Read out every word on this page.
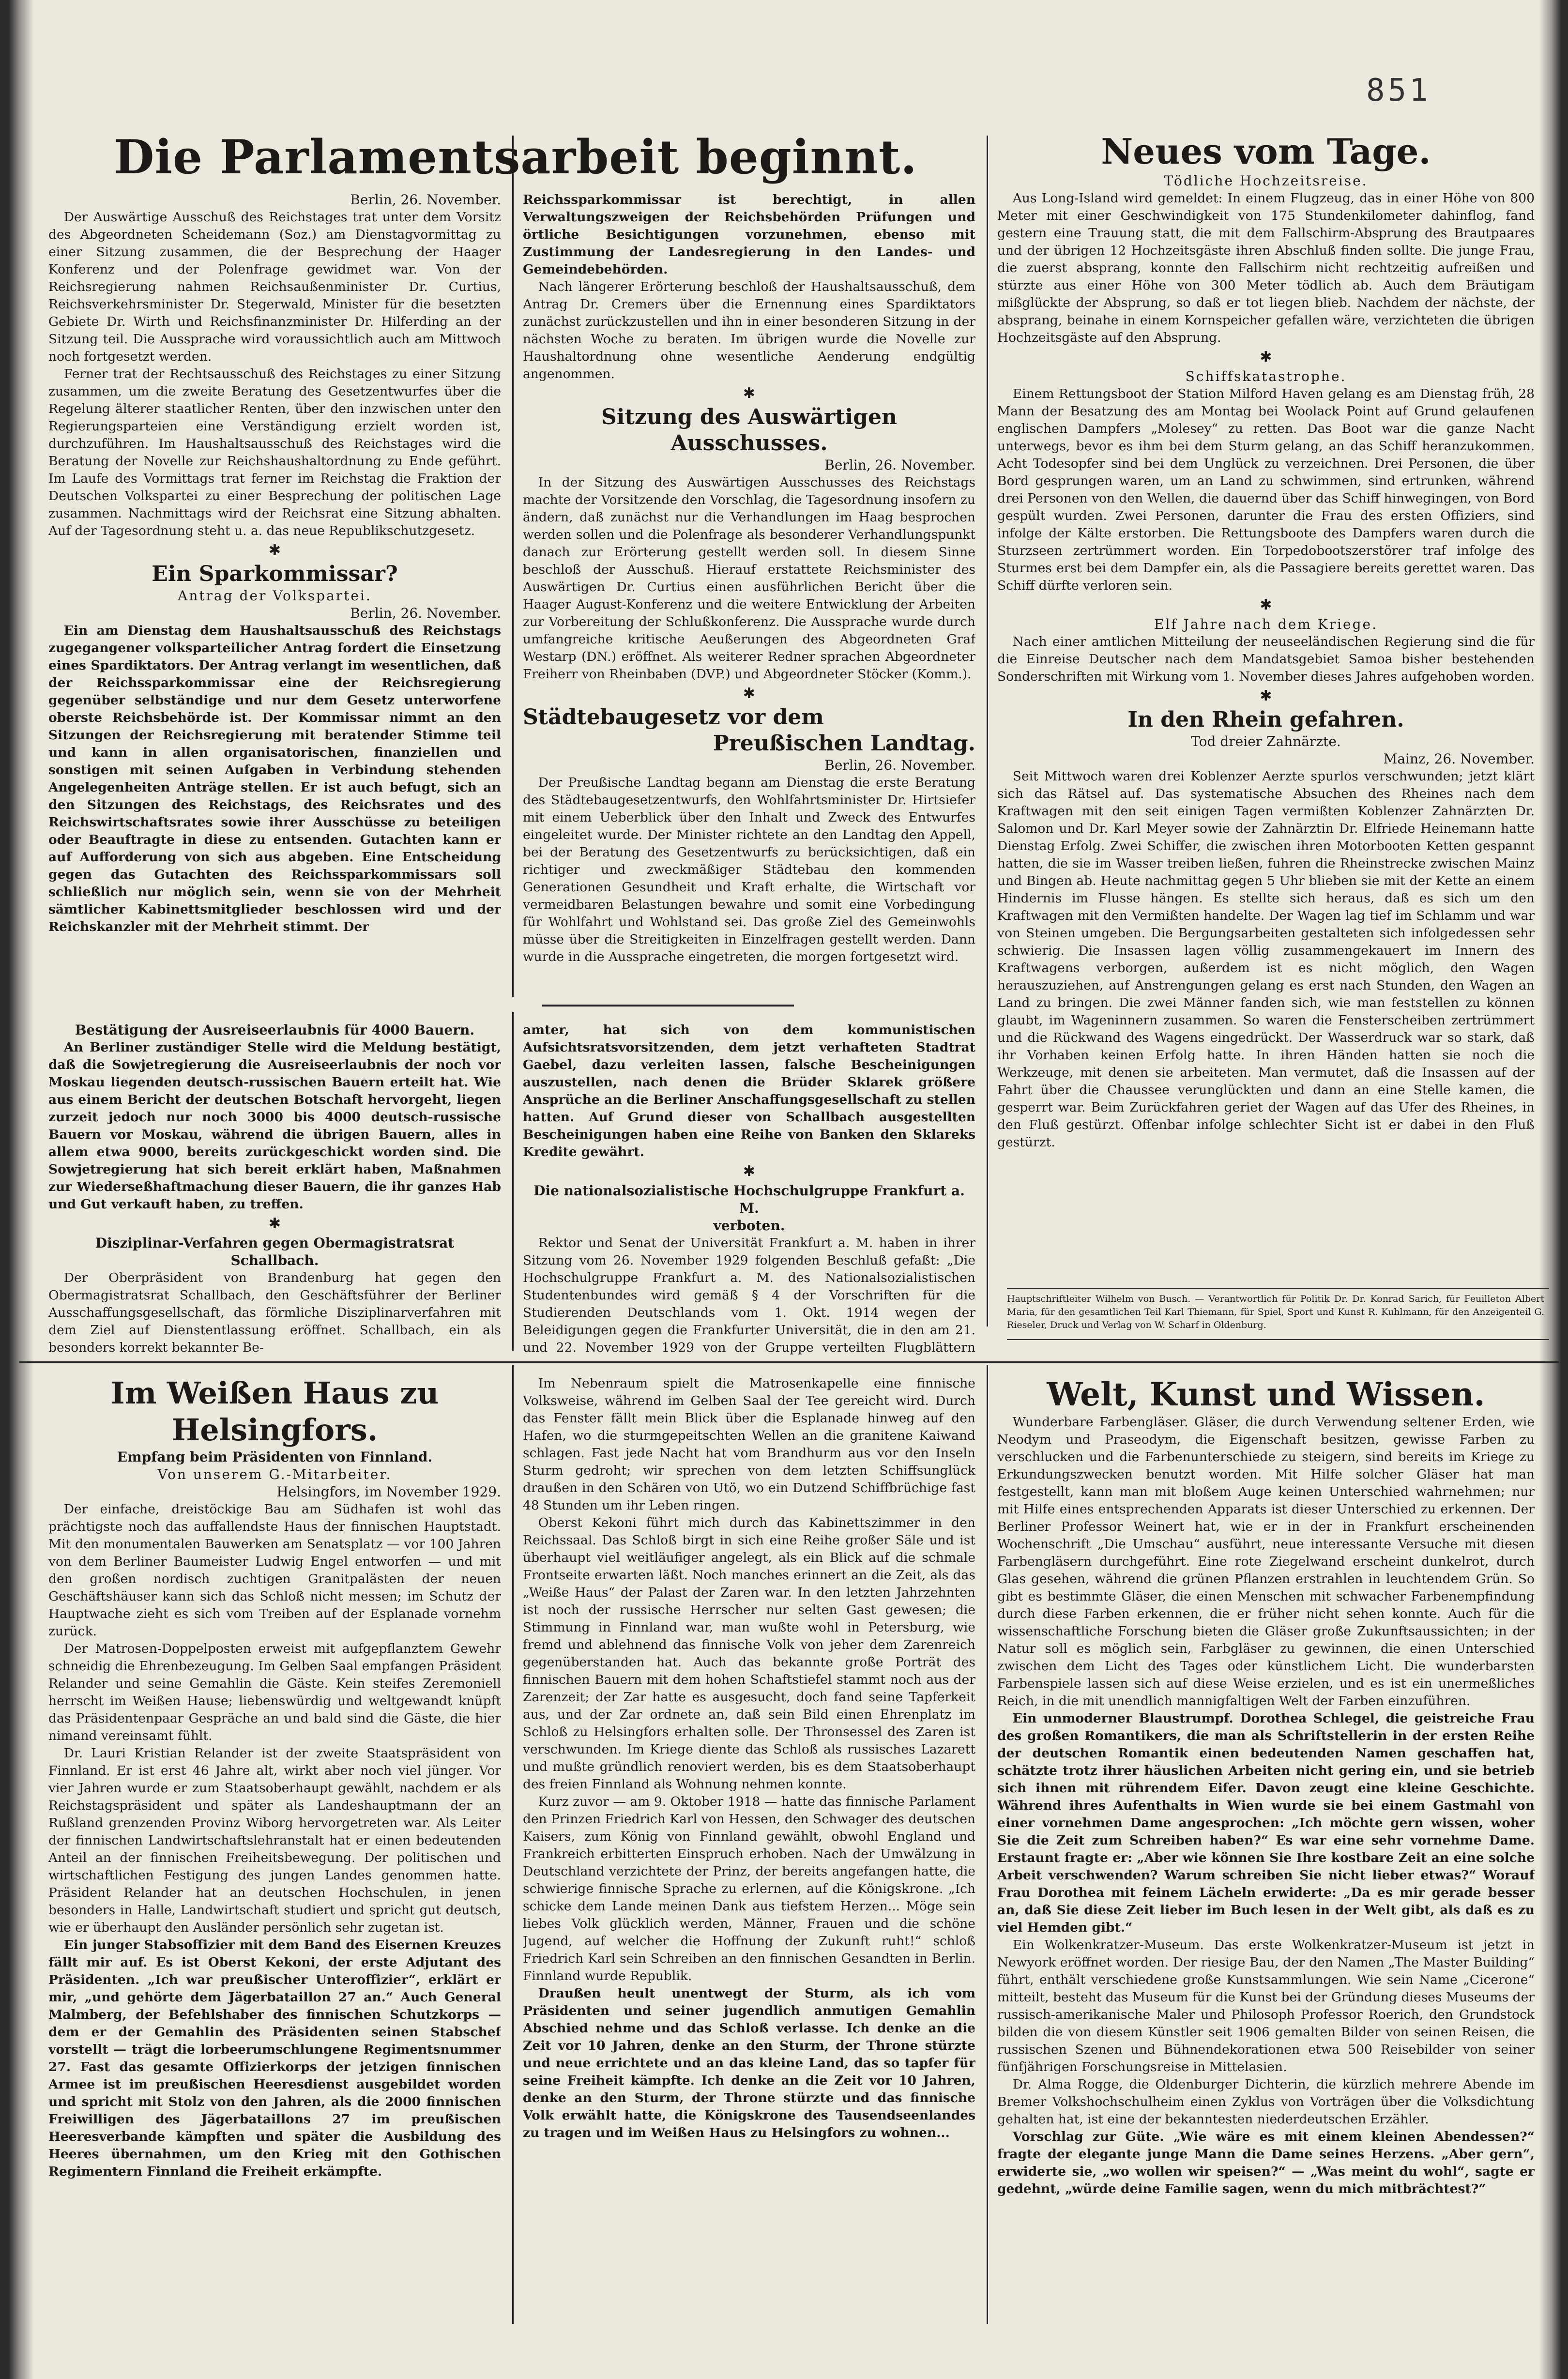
851
Die Parlamentsarbeit beginnt.

Berlin, 26. November.

Der Auswärtige Ausschuß des Reichstages trat unter dem Vorsitz des Abgeordneten Scheidemann (Soz.) am Dienstagvormittag zu einer Sitzung zusammen, die der Besprechung der Haager Konferenz und der Polenfrage gewidmet war. Von der Reichsregierung nahmen Reichsaußenminister Dr. Curtius, Reichsverkehrsminister Dr. Stegerwald, Minister für die besetzten Gebiete Dr. Wirth und Reichsfinanzminister Dr. Hilferding an der Sitzung teil. Die Aussprache wird voraussichtlich auch am Mittwoch noch fortgesetzt werden.

Ferner trat der Rechtsausschuß des Reichstages zu einer Sitzung zusammen, um die zweite Beratung des Gesetzentwurfes über die Regelung älterer staatlicher Renten, über den inzwischen unter den Regierungsparteien eine Verständigung erzielt worden ist, durchzuführen. Im Haushaltsausschuß des Reichstages wird die Beratung der Novelle zur Reichshaushaltordnung zu Ende geführt. Im Laufe des Vormittags trat ferner im Reichstag die Fraktion der Deutschen Volkspartei zu einer Besprechung der politischen Lage zusammen. Nachmittags wird der Reichsrat eine Sitzung abhalten. Auf der Tagesordnung steht u. a. das neue Republikschutzgesetz.

✱

Ein Sparkommissar?

Antrag der Volkspartei.

Berlin, 26. November.

Ein am Dienstag dem Haushaltsausschuß des Reichstags zugegangener volksparteilicher Antrag fordert die Einsetzung eines Spardiktators. Der Antrag verlangt im wesentlichen, daß der Reichssparkommissar eine der Reichsregierung gegenüber selbständige und nur dem Gesetz unterworfene oberste Reichsbehörde ist. Der Kommissar nimmt an den Sitzungen der Reichsregierung mit beratender Stimme teil und kann in allen organisatorischen, finanziellen und sonstigen mit seinen Aufgaben in Verbindung stehenden Angelegenheiten Anträge stellen. Er ist auch befugt, sich an den Sitzungen des Reichstags, des Reichsrates und des Reichswirtschaftsrates sowie ihrer Ausschüsse zu beteiligen oder Beauftragte in diese zu entsenden. Gutachten kann er auf Aufforderung von sich aus abgeben. Eine Entscheidung gegen das Gutachten des Reichssparkommissars soll schließlich nur möglich sein, wenn sie von der Mehrheit sämtlicher Kabinettsmitglieder beschlossen wird und der Reichskanzler mit der Mehrheit stimmt. Der

Reichssparkommissar ist berechtigt, in allen Verwaltungszweigen der Reichsbehörden Prüfungen und örtliche Besichtigungen vorzunehmen, ebenso mit Zustimmung der Landesregierung in den Landes- und Gemeindebehörden.

Nach längerer Erörterung beschloß der Haushaltsausschuß, dem Antrag Dr. Cremers über die Ernennung eines Spardiktators zunächst zurückzustellen und ihn in einer besonderen Sitzung in der nächsten Woche zu beraten. Im übrigen wurde die Novelle zur Haushaltordnung ohne wesentliche Aenderung endgültig angenommen.

✱

Sitzung des Auswärtigen Ausschusses.

Berlin, 26. November.

In der Sitzung des Auswärtigen Ausschusses des Reichstags machte der Vorsitzende den Vorschlag, die Tagesordnung insofern zu ändern, daß zunächst nur die Verhandlungen im Haag besprochen werden sollen und die Polenfrage als besonderer Verhandlungspunkt danach zur Erörterung gestellt werden soll. In diesem Sinne beschloß der Ausschuß. Hierauf erstattete Reichsminister des Auswärtigen Dr. Curtius einen ausführlichen Bericht über die Haager August-Konferenz und die weitere Entwicklung der Arbeiten zur Vorbereitung der Schlußkonferenz. Die Aussprache wurde durch umfangreiche kritische Aeußerungen des Abgeordneten Graf Westarp (DN.) eröffnet. Als weiterer Redner sprachen Abgeordneter Freiherr von Rheinbaben (DVP.) und Abgeordneter Stöcker (Komm.).

✱

Städtebaugesetz vor dem
Preußischen Landtag.

Berlin, 26. November.

Der Preußische Landtag begann am Dienstag die erste Beratung des Städtebaugesetzentwurfs, den Wohlfahrtsminister Dr. Hirtsiefer mit einem Ueberblick über den Inhalt und Zweck des Entwurfes eingeleitet wurde. Der Minister richtete an den Landtag den Appell, bei der Beratung des Gesetzentwurfs zu berücksichtigen, daß ein richtiger und zweckmäßiger Städtebau den kommenden Generationen Gesundheit und Kraft erhalte, die Wirtschaft vor vermeidbaren Belastungen bewahre und somit eine Vorbedingung für Wohlfahrt und Wohlstand sei. Das große Ziel des Gemeinwohls müsse über die Streitigkeiten in Einzelfragen gestellt werden. Dann wurde in die Aussprache eingetreten, die morgen fortgesetzt wird.

Neues vom Tage.

Tödliche Hochzeitsreise.

Aus Long-Island wird gemeldet: In einem Flugzeug, das in einer Höhe von 800 Meter mit einer Geschwindigkeit von 175 Stundenkilometer dahinflog, fand gestern eine Trauung statt, die mit dem Fallschirm-Absprung des Brautpaares und der übrigen 12 Hochzeitsgäste ihren Abschluß finden sollte. Die junge Frau, die zuerst absprang, konnte den Fallschirm nicht rechtzeitig aufreißen und stürzte aus einer Höhe von 300 Meter tödlich ab. Auch dem Bräutigam mißglückte der Absprung, so daß er tot liegen blieb. Nachdem der nächste, der absprang, beinahe in einem Kornspeicher gefallen wäre, verzichteten die übrigen Hochzeitsgäste auf den Absprung.

✱

Schiffskatastrophe.

Einem Rettungsboot der Station Milford Haven gelang es am Dienstag früh, 28 Mann der Besatzung des am Montag bei Woolack Point auf Grund gelaufenen englischen Dampfers „Molesey“ zu retten. Das Boot war die ganze Nacht unterwegs, bevor es ihm bei dem Sturm gelang, an das Schiff heranzukommen. Acht Todesopfer sind bei dem Unglück zu verzeichnen. Drei Personen, die über Bord gesprungen waren, um an Land zu schwimmen, sind ertrunken, während drei Personen von den Wellen, die dauernd über das Schiff hinwegingen, von Bord gespült wurden. Zwei Personen, darunter die Frau des ersten Offiziers, sind infolge der Kälte erstorben. Die Rettungsboote des Dampfers waren durch die Sturzseen zertrümmert worden. Ein Torpedobootszerstörer traf infolge des Sturmes erst bei dem Dampfer ein, als die Passagiere bereits gerettet waren. Das Schiff dürfte verloren sein.

✱

Elf Jahre nach dem Kriege.

Nach einer amtlichen Mitteilung der neuseeländischen Regierung sind die für die Einreise Deutscher nach dem Mandatsgebiet Samoa bisher bestehenden Sonderschriften mit Wirkung vom 1. November dieses Jahres aufgehoben worden.

✱

In den Rhein gefahren.

Tod dreier Zahnärzte.

Mainz, 26. November.

Seit Mittwoch waren drei Koblenzer Aerzte spurlos verschwunden; jetzt klärt sich das Rätsel auf. Das systematische Absuchen des Rheines nach dem Kraftwagen mit den seit einigen Tagen vermißten Koblenzer Zahnärzten Dr. Salomon und Dr. Karl Meyer sowie der Zahnärztin Dr. Elfriede Heinemann hatte Dienstag Erfolg. Zwei Schiffer, die zwischen ihren Motorbooten Ketten gespannt hatten, die sie im Wasser treiben ließen, fuhren die Rheinstrecke zwischen Mainz und Bingen ab. Heute nachmittag gegen 5 Uhr blieben sie mit der Kette an einem Hindernis im Flusse hängen. Es stellte sich heraus, daß es sich um den Kraftwagen mit den Vermißten handelte. Der Wagen lag tief im Schlamm und war von Steinen umgeben. Die Bergungsarbeiten gestalteten sich infolgedessen sehr schwierig. Die Insassen lagen völlig zusammengekauert im Innern des Kraftwagens verborgen, außerdem ist es nicht möglich, den Wagen herauszuziehen, auf Anstrengungen gelang es erst nach Stunden, den Wagen an Land zu bringen. Die zwei Männer fanden sich, wie man feststellen zu können glaubt, im Wageninnern zusammen. So waren die Fensterscheiben zertrümmert und die Rückwand des Wagens eingedrückt. Der Wasserdruck war so stark, daß ihr Vorhaben keinen Erfolg hatte. In ihren Händen hatten sie noch die Werkzeuge, mit denen sie arbeiteten. Man vermutet, daß die Insassen auf der Fahrt über die Chaussee verunglückten und dann an eine Stelle kamen, die gesperrt war. Beim Zurückfahren geriet der Wagen auf das Ufer des Rheines, in den Fluß gestürzt. Offenbar infolge schlechter Sicht ist er dabei in den Fluß gestürzt.

Hauptschriftleiter Wilhelm von Busch. — Verantwortlich für Politik Dr. Dr. Konrad Sarich, für Feuilleton Albert Maria, für den gesamtlichen Teil Karl Thiemann, für Spiel, Sport und Kunst R. Kuhlmann, für den Anzeigenteil G. Rieseler, Druck und Verlag von W. Scharf in Oldenburg.

Bestätigung der Ausreiseerlaubnis für 4000 Bauern.

An Berliner zuständiger Stelle wird die Meldung bestätigt, daß die Sowjetregierung die Ausreiseerlaubnis der noch vor Moskau liegenden deutsch-russischen Bauern erteilt hat. Wie aus einem Bericht der deutschen Botschaft hervorgeht, liegen zurzeit jedoch nur noch 3000 bis 4000 deutsch-russische Bauern vor Moskau, während die übrigen Bauern, alles in allem etwa 9000, bereits zurückgeschickt worden sind. Die Sowjetregierung hat sich bereit erklärt haben, Maßnahmen zur Wiederseßhaftmachung dieser Bauern, die ihr ganzes Hab und Gut verkauft haben, zu treffen.

✱

Disziplinar-Verfahren gegen Obermagistratsrat

Schallbach.

Der Oberpräsident von Brandenburg hat gegen den Obermagistratsrat Schallbach, den Geschäftsführer der Berliner Ausschaffungsgesellschaft, das förmliche Disziplinarverfahren mit dem Ziel auf Dienstentlassung eröffnet. Schallbach, ein als besonders korrekt bekannter Be-

amter, hat sich von dem kommunistischen Aufsichtsratsvorsitzenden, dem jetzt verhafteten Stadtrat Gaebel, dazu verleiten lassen, falsche Bescheinigungen auszustellen, nach denen die Brüder Sklarek größere Ansprüche an die Berliner Anschaffungsgesellschaft zu stellen hatten. Auf Grund dieser von Schallbach ausgestellten Bescheinigungen haben eine Reihe von Banken den Sklareks Kredite gewährt.

✱

Die nationalsozialistische Hochschulgruppe Frankfurt a. M.

verboten.

Rektor und Senat der Universität Frankfurt a. M. haben in ihrer Sitzung vom 26. November 1929 folgenden Beschluß gefaßt: „Die Hochschulgruppe Frankfurt a. M. des Nationalsozialistischen Studentenbundes wird gemäß § 4 der Vorschriften für die Studierenden Deutschlands vom 1. Okt. 1914 wegen der Beleidigungen gegen die Frankfurter Universität, die in den am 21. und 22. November 1929 von der Gruppe verteilten Flugblättern

Im Weißen Haus zu Helsingfors.

Empfang beim Präsidenten von Finnland.

Von unserem G.-Mitarbeiter.

Helsingfors, im November 1929.

Der einfache, dreistöckige Bau am Südhafen ist wohl das prächtigste noch das auffallendste Haus der finnischen Hauptstadt. Mit den monumentalen Bauwerken am Senatsplatz — vor 100 Jahren von dem Berliner Baumeister Ludwig Engel entworfen — und mit den großen nordisch zuchtigen Granitpalästen der neuen Geschäftshäuser kann sich das Schloß nicht messen; im Schutz der Hauptwache zieht es sich vom Treiben auf der Esplanade vornehm zurück.

Der Matrosen-Doppelposten erweist mit aufgepflanztem Gewehr schneidig die Ehrenbezeugung. Im Gelben Saal empfangen Präsident Relander und seine Gemahlin die Gäste. Kein steifes Zeremoniell herrscht im Weißen Hause; liebenswürdig und weltgewandt knüpft das Präsidentenpaar Gespräche an und bald sind die Gäste, die hier nimand vereinsamt fühlt.

Dr. Lauri Kristian Relander ist der zweite Staatspräsident von Finnland. Er ist erst 46 Jahre alt, wirkt aber noch viel jünger. Vor vier Jahren wurde er zum Staatsoberhaupt gewählt, nachdem er als Reichstagspräsident und später als Landeshauptmann der an Rußland grenzenden Provinz Wiborg hervorgetreten war. Als Leiter der finnischen Landwirtschaftslehranstalt hat er einen bedeutenden Anteil an der finnischen Freiheitsbewegung. Der politischen und wirtschaftlichen Festigung des jungen Landes genommen hatte. Präsident Relander hat an deutschen Hochschulen, in jenen besonders in Halle, Landwirtschaft studiert und spricht gut deutsch, wie er überhaupt den Ausländer persönlich sehr zugetan ist.

Ein junger Stabsoffizier mit dem Band des Eisernen Kreuzes fällt mir auf. Es ist Oberst Kekoni, der erste Adjutant des Präsidenten. „Ich war preußischer Unteroffizier“, erklärt er mir, „und gehörte dem Jägerbataillon 27 an.“ Auch General Malmberg, der Befehlshaber des finnischen Schutzkorps — dem er der Gemahlin des Präsidenten seinen Stabschef vorstellt — trägt die lorbeerumschlungene Regimentsnummer 27. Fast das gesamte Offizierkorps der jetzigen finnischen Armee ist im preußischen Heeresdienst ausgebildet worden und spricht mit Stolz von den Jahren, als die 2000 finnischen Freiwilligen des Jägerbataillons 27 im preußischen Heeresverbande kämpften und später die Ausbildung des Heeres übernahmen, um den Krieg mit den Gothischen Regimentern Finnland die Freiheit erkämpfte.

Im Nebenraum spielt die Matrosenkapelle eine finnische Volksweise, während im Gelben Saal der Tee gereicht wird. Durch das Fenster fällt mein Blick über die Esplanade hinweg auf den Hafen, wo die sturmgepeitschten Wellen an die granitene Kaiwand schlagen. Fast jede Nacht hat vom Brandhurm aus vor den Inseln Sturm gedroht; wir sprechen von dem letzten Schiffsunglück draußen in den Schären von Utö, wo ein Dutzend Schiffbrüchige fast 48 Stunden um ihr Leben ringen.

Oberst Kekoni führt mich durch das Kabinettszimmer in den Reichssaal. Das Schloß birgt in sich eine Reihe großer Säle und ist überhaupt viel weitläufiger angelegt, als ein Blick auf die schmale Frontseite erwarten läßt. Noch manches erinnert an die Zeit, als das „Weiße Haus“ der Palast der Zaren war. In den letzten Jahrzehnten ist noch der russische Herrscher nur selten Gast gewesen; die Stimmung in Finnland war, man wußte wohl in Petersburg, wie fremd und ablehnend das finnische Volk von jeher dem Zarenreich gegenüberstanden hat. Auch das bekannte große Porträt des finnischen Bauern mit dem hohen Schaftstiefel stammt noch aus der Zarenzeit; der Zar hatte es ausgesucht, doch fand seine Tapferkeit aus, und der Zar ordnete an, daß sein Bild einen Ehrenplatz im Schloß zu Helsingfors erhalten solle. Der Thronsessel des Zaren ist verschwunden. Im Kriege diente das Schloß als russisches Lazarett und mußte gründlich renoviert werden, bis es dem Staatsoberhaupt des freien Finnland als Wohnung nehmen konnte.

Kurz zuvor — am 9. Oktober 1918 — hatte das finnische Parlament den Prinzen Friedrich Karl von Hessen, den Schwager des deutschen Kaisers, zum König von Finnland gewählt, obwohl England und Frankreich erbitterten Einspruch erhoben. Nach der Umwälzung in Deutschland verzichtete der Prinz, der bereits angefangen hatte, die schwierige finnische Sprache zu erlernen, auf die Königskrone. „Ich schicke dem Lande meinen Dank aus tiefstem Herzen... Möge sein liebes Volk glücklich werden, Männer, Frauen und die schöne Jugend, auf welcher die Hoffnung der Zukunft ruht!“ schloß Friedrich Karl sein Schreiben an den finnischen Gesandten in Berlin. Finnland wurde Republik.

Draußen heult unentwegt der Sturm, als ich vom Präsidenten und seiner jugendlich anmutigen Gemahlin Abschied nehme und das Schloß verlasse. Ich denke an die Zeit vor 10 Jahren, denke an den Sturm, der Throne stürzte und neue errichtete und an das kleine Land, das so tapfer für seine Freiheit kämpfte. Ich denke an die Zeit vor 10 Jahren, denke an den Sturm, der Throne stürzte und das finnische Volk erwählt hatte, die Königskrone des Tausendseenlandes zu tragen und im Weißen Haus zu Helsingfors zu wohnen...

Welt, Kunst und Wissen.

Wunderbare Farbengläser. Gläser, die durch Verwendung seltener Erden, wie Neodym und Praseodym, die Eigenschaft besitzen, gewisse Farben zu verschlucken und die Farbenunterschiede zu steigern, sind bereits im Kriege zu Erkundungszwecken benutzt worden. Mit Hilfe solcher Gläser hat man festgestellt, kann man mit bloßem Auge keinen Unterschied wahrnehmen; nur mit Hilfe eines entsprechenden Apparats ist dieser Unterschied zu erkennen. Der Berliner Professor Weinert hat, wie er in der in Frankfurt erscheinenden Wochenschrift „Die Umschau“ ausführt, neue interessante Versuche mit diesen Farbengläsern durchgeführt. Eine rote Ziegelwand erscheint dunkelrot, durch Glas gesehen, während die grünen Pflanzen erstrahlen in leuchtendem Grün. So gibt es bestimmte Gläser, die einen Menschen mit schwacher Farbenempfindung durch diese Farben erkennen, die er früher nicht sehen konnte. Auch für die wissenschaftliche Forschung bieten die Gläser große Zukunftsaussichten; in der Natur soll es möglich sein, Farbgläser zu gewinnen, die einen Unterschied zwischen dem Licht des Tages oder künstlichem Licht. Die wunderbarsten Farbenspiele lassen sich auf diese Weise erzielen, und es ist ein unermeßliches Reich, in die mit unendlich mannigfaltigen Welt der Farben einzuführen.

Ein unmoderner Blaustrumpf. Dorothea Schlegel, die geistreiche Frau des großen Romantikers, die man als Schriftstellerin in der ersten Reihe der deutschen Romantik einen bedeutenden Namen geschaffen hat, schätzte trotz ihrer häuslichen Arbeiten nicht gering ein, und sie betrieb sich ihnen mit rührendem Eifer. Davon zeugt eine kleine Geschichte. Während ihres Aufenthalts in Wien wurde sie bei einem Gastmahl von einer vornehmen Dame angesprochen: „Ich möchte gern wissen, woher Sie die Zeit zum Schreiben haben?“ Es war eine sehr vornehme Dame. Erstaunt fragte er: „Aber wie können Sie Ihre kostbare Zeit an eine solche Arbeit verschwenden? Warum schreiben Sie nicht lieber etwas?“ Worauf Frau Dorothea mit feinem Lächeln erwiderte: „Da es mir gerade besser an, daß Sie diese Zeit lieber im Buch lesen in der Welt gibt, als daß es zu viel Hemden gibt.“

Ein Wolkenkratzer-Museum. Das erste Wolkenkratzer-Museum ist jetzt in Newyork eröffnet worden. Der riesige Bau, der den Namen „The Master Building“ führt, enthält verschiedene große Kunstsammlungen. Wie sein Name „Cicerone“ mitteilt, besteht das Museum für die Kunst bei der Gründung dieses Museums der russisch-amerikanische Maler und Philosoph Professor Roerich, den Grundstock bilden die von diesem Künstler seit 1906 gemalten Bilder von seinen Reisen, die russischen Szenen und Bühnendekorationen etwa 500 Reisebilder von seiner fünfjährigen Forschungsreise in Mittelasien.

Dr. Alma Rogge, die Oldenburger Dichterin, die kürzlich mehrere Abende im Bremer Volkshochschulheim einen Zyklus von Vorträgen über die Volksdichtung gehalten hat, ist eine der bekanntesten niederdeutschen Erzähler.

Vorschlag zur Güte. „Wie wäre es mit einem kleinen Abendessen?“ fragte der elegante junge Mann die Dame seines Herzens. „Aber gern“, erwiderte sie, „wo wollen wir speisen?“ — „Was meint du wohl“, sagte er gedehnt, „würde deine Familie sagen, wenn du mich mitbrächtest?“
